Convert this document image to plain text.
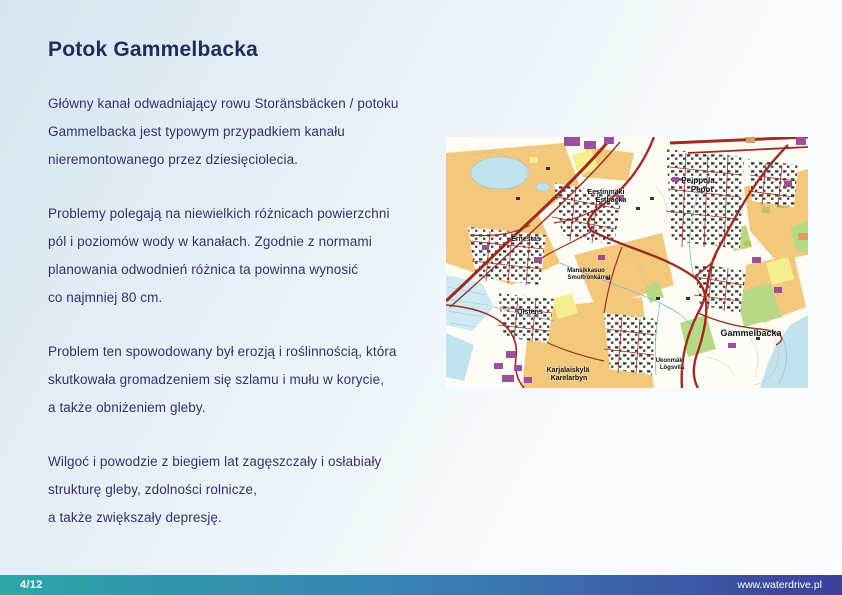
Potok Gammelbacka
Główny kanał odwadniający rowu Storänsbäcken / potoku
Gammelbacka jest typowym przypadkiem kanału
nieremontowanego przez dziesięciolecia.
Problemy polegają na niewielkich różnicach powierzchni
pól i poziomów wody w kanałach. Zgodnie z normami
planowania odwodnień różnica ta powinna wynosić
co najmniej 80 cm.
Problem ten spowodowany był erozją i roślinnością, która
skutkowała gromadzeniem się szlamu i mułu w korycie,
a także obniżeniem gleby.
Wilgoć i powodzie z biegiem lat zagęszczały i osłabiały
strukturę gleby, zdolności rolnicze,
a także zwiększały depresję.
Peippola
Pepot
Gammelbacka
Eestinmäki
Estbacka
Ernestas
Ölstens
Mansikkasuo
Smultronkärret
Karjalaiskylä
Karelarbyn
Ukonmäki
Lögsvila
4/12	www.waterdrive.pl
